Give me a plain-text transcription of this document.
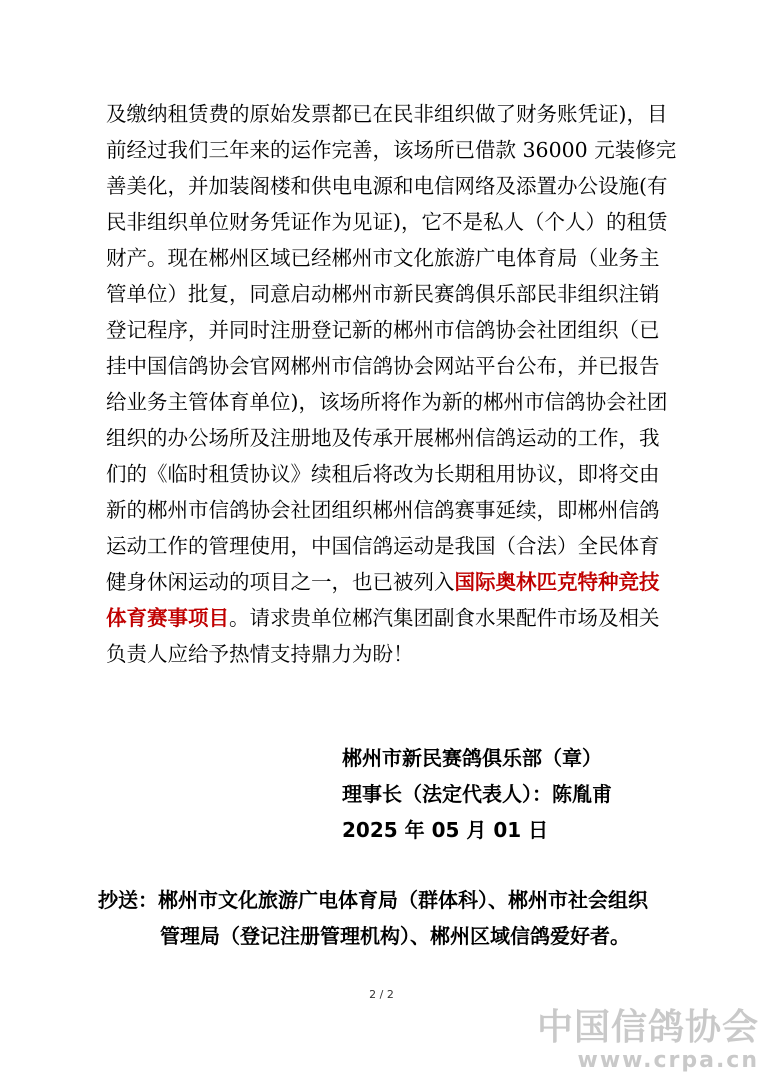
及缴纳租赁费的原始发票都已在民非组织做了财务账凭证)，目
前经过我们三年来的运作完善，该场所已借款 36000 元装修完
善美化，并加装阁楼和供电电源和电信网络及添置办公设施(有
民非组织单位财务凭证作为见证)，它不是私人（个人）的租赁
财产。现在郴州区域已经郴州市文化旅游广电体育局（业务主
管单位）批复，同意启动郴州市新民赛鸽俱乐部民非组织注销
登记程序，并同时注册登记新的郴州市信鸽协会社团组织（已
挂中国信鸽协会官网郴州市信鸽协会网站平台公布，并已报告
给业务主管体育单位)，该场所将作为新的郴州市信鸽协会社团
组织的办公场所及注册地及传承开展郴州信鸽运动的工作，我
们的《临时租赁协议》续租后将改为长期租用协议，即将交由
新的郴州市信鸽协会社团组织郴州信鸽赛事延续，即郴州信鸽
运动工作的管理使用，中国信鸽运动是我国（合法）全民体育
健身休闲运动的项目之一，也已被列入国际奥林匹克特种竞技
体育赛事项目。请求贵单位郴汽集团副食水果配件市场及相关
负责人应给予热情支持鼎力为盼！
郴州市新民赛鸽俱乐部（章）
理事长（法定代表人）：陈胤甫
2025 年 05 月 01 日
抄送：郴州市文化旅游广电体育局（群体科）、郴州市社会组织
管理局（登记注册管理机构）、郴州区域信鸽爱好者。
2 / 2
中国信鸽协会
www.crpa.cn
